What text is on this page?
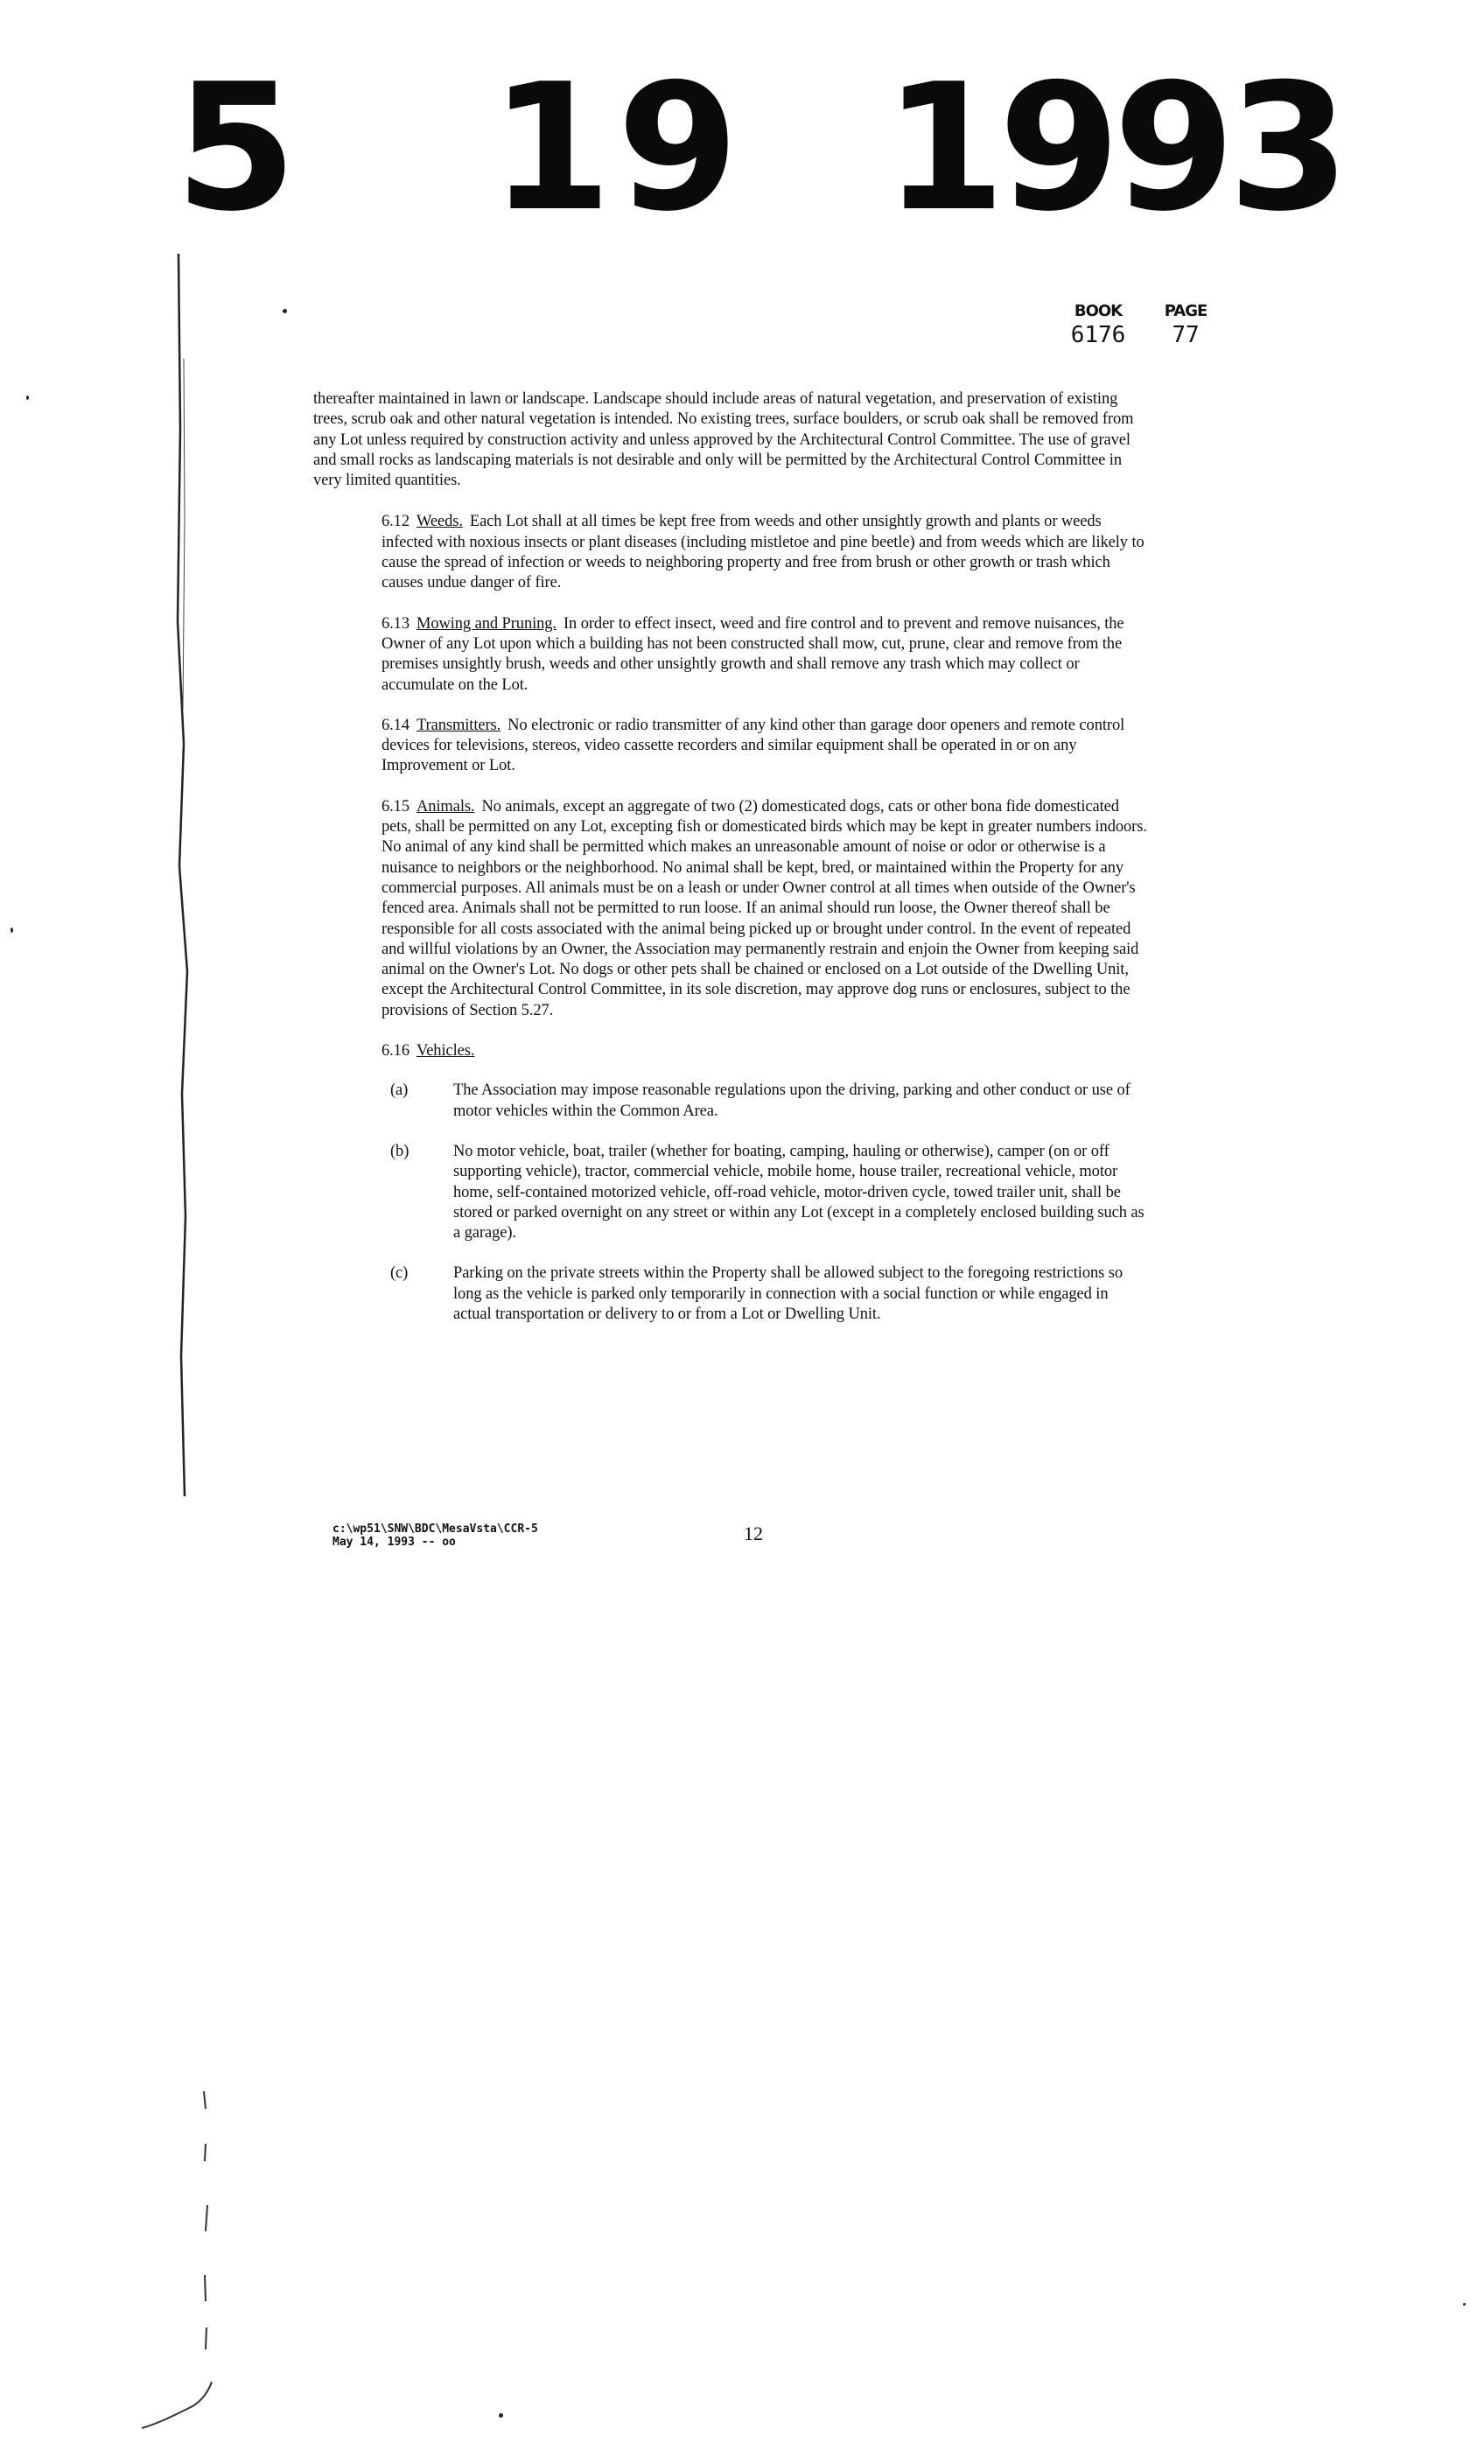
5 19 1993
BOOK
6176
PAGE
77

thereafter maintained in lawn or landscape. Landscape should include areas of natural vegetation, and preservation of existing trees, scrub oak and other natural vegetation is intended. No existing trees, surface boulders, or scrub oak shall be removed from any Lot unless required by construction activity and unless approved by the Architectural Control Committee. The use of gravel and small rocks as landscaping materials is not desirable and only will be permitted by the Architectural Control Committee in very limited quantities.

6.12 Weeds. Each Lot shall at all times be kept free from weeds and other unsightly growth and plants or weeds infected with noxious insects or plant diseases (including mistletoe and pine beetle) and from weeds which are likely to cause the spread of infection or weeds to neighboring property and free from brush or other growth or trash which causes undue danger of fire.

6.13 Mowing and Pruning. In order to effect insect, weed and fire control and to prevent and remove nuisances, the Owner of any Lot upon which a building has not been constructed shall mow, cut, prune, clear and remove from the premises unsightly brush, weeds and other unsightly growth and shall remove any trash which may collect or accumulate on the Lot.

6.14 Transmitters. No electronic or radio transmitter of any kind other than garage door openers and remote control devices for televisions, stereos, video cassette recorders and similar equipment shall be operated in or on any Improvement or Lot.

6.15 Animals. No animals, except an aggregate of two (2) domesticated dogs, cats or other bona fide domesticated pets, shall be permitted on any Lot, excepting fish or domesticated birds which may be kept in greater numbers indoors. No animal of any kind shall be permitted which makes an unreasonable amount of noise or odor or otherwise is a nuisance to neighbors or the neighborhood. No animal shall be kept, bred, or maintained within the Property for any commercial purposes. All animals must be on a leash or under Owner control at all times when outside of the Owner's fenced area. Animals shall not be permitted to run loose. If an animal should run loose, the Owner thereof shall be responsible for all costs associated with the animal being picked up or brought under control. In the event of repeated and willful violations by an Owner, the Association may permanently restrain and enjoin the Owner from keeping said animal on the Owner's Lot. No dogs or other pets shall be chained or enclosed on a Lot outside of the Dwelling Unit, except the Architectural Control Committee, in its sole discretion, may approve dog runs or enclosures, subject to the provisions of Section 5.27.

6.16 Vehicles.

(a)	The Association may impose reasonable regulations upon the driving, parking and other conduct or use of motor vehicles within the Common Area.
(b)	No motor vehicle, boat, trailer (whether for boating, camping, hauling or otherwise), camper (on or off supporting vehicle), tractor, commercial vehicle, mobile home, house trailer, recreational vehicle, motor home, self-contained motorized vehicle, off-road vehicle, motor-driven cycle, towed trailer unit, shall be stored or parked overnight on any street or within any Lot (except in a completely enclosed building such as a garage).
(c)	Parking on the private streets within the Property shall be allowed subject to the foregoing restrictions so long as the vehicle is parked only temporarily in connection with a social function or while engaged in actual transportation or delivery to or from a Lot or Dwelling Unit.
c:\wp51\SNW\BDC\MesaVsta\CCR-5
May 14, 1993 -- oo	12
